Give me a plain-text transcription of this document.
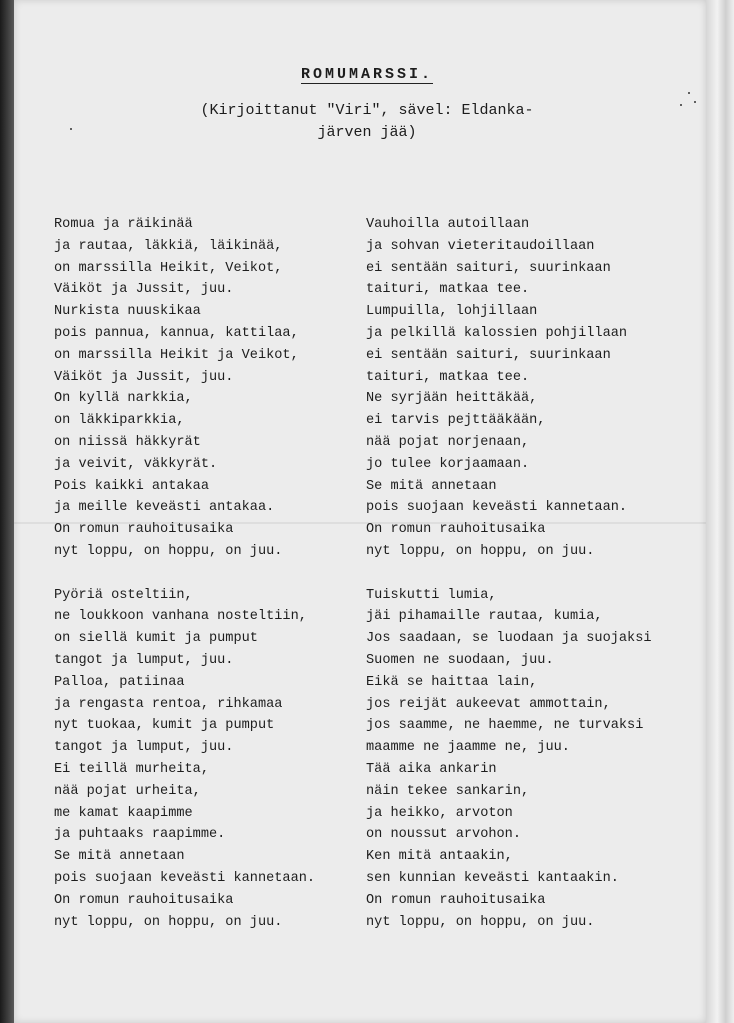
ROMUMARSSI.
(Kirjoittanut "Viri", sävel: Eldanka-
järven jää)
Romua ja räikinää
ja rautaa, läkkiä, läikinää,
on marssilla Heikit, Veikot,
Väiköt ja Jussit, juu.
Nurkista nuuskikaa
pois pannua, kannua, kattilaa,
on marssilla Heikit ja Veikot,
Väiköt ja Jussit, juu.
On kyllä narkkia,
on läkkiparkkia,
on niissä häkkyrät
ja veivit, väkkyrät.
Pois kaikki antakaa
ja meille keveästi antakaa.
On romun rauhoitusaika
nyt loppu, on hoppu, on juu.
Pyöriä osteltiin,
ne loukkoon vanhana nosteltiin,
on siellä kumit ja pumput
tangot ja lumput, juu.
Palloa, patiinaa
ja rengasta rentoa, rihkamaa
nyt tuokaa, kumit ja pumput
tangot ja lumput, juu.
Ei teillä murheita,
nää pojat urheita,
me kamat kaapimme
ja puhtaaks raapimme.
Se mitä annetaan
pois suojaan keveästi kannetaan.
On romun rauhoitusaika
nyt loppu, on hoppu, on juu.
Vauhoilla autoillaan
ja sohvan vieteritaudoillaan
ei sentään saituri, suurinkaan
taituri, matkaa tee.
Lumpuilla, lohjillaan
ja pelkillä kalossien pohjillaan
ei sentään saituri, suurinkaan
taituri, matkaa tee.
Ne syrjään heittäkää,
ei tarvis pejttääkään,
nää pojat norjenaan,
jo tulee korjaamaan.
Se mitä annetaan
pois suojaan keveästi kannetaan.
On romun rauhoitusaika
nyt loppu, on hoppu, on juu.
Tuiskutti lumia,
jäi pihamaille rautaa, kumia,
Jos saadaan, se luodaan ja suojaksi
Suomen ne suodaan, juu.
Eikä se haittaa lain,
jos reijät aukeevat ammottain,
jos saamme, ne haemme, ne turvaksi
maamme ne jaamme ne, juu.
Tää aika ankarin
näin tekee sankarin,
ja heikko, arvoton
on noussut arvohon.
Ken mitä antaakin,
sen kunnian keveästi kantaakin.
On romun rauhoitusaika
nyt loppu, on hoppu, on juu.
